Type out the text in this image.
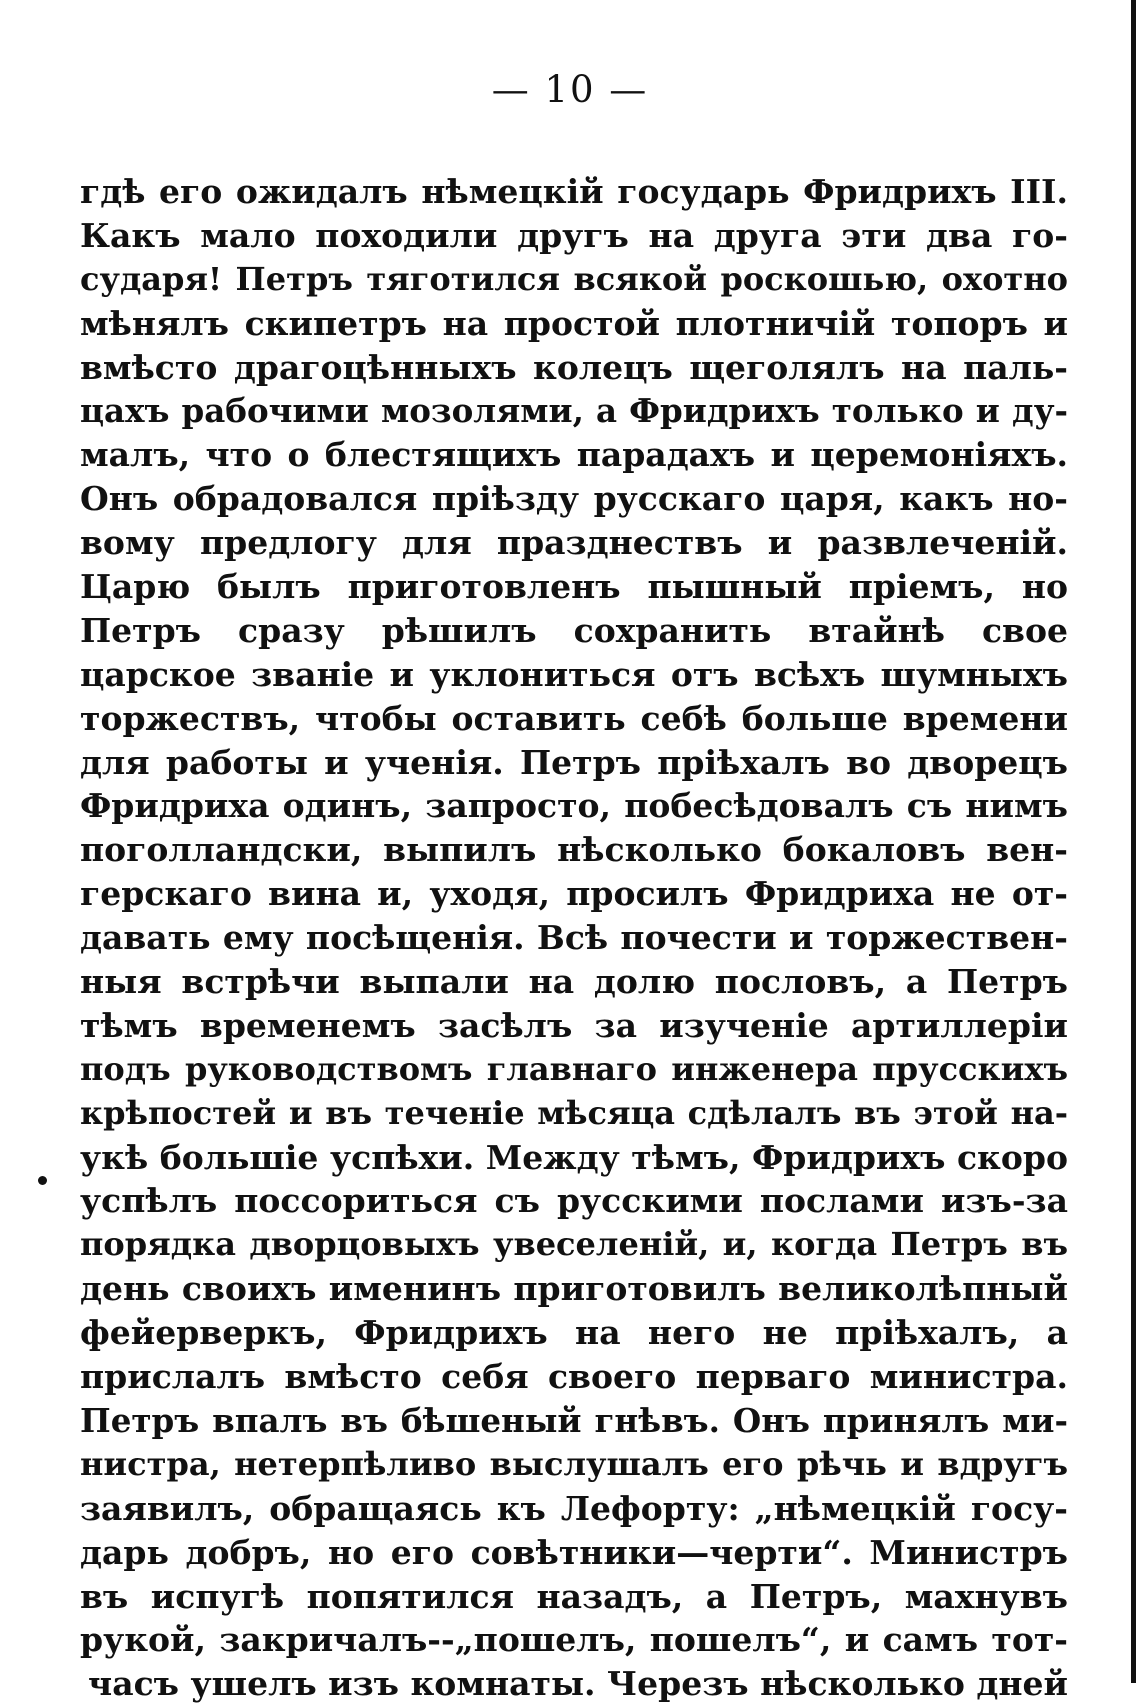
— 10 —
гдѣ его ожидалъ нѣмецкій государь Фридрихъ III.
Какъ мало походили другъ на друга эти два го-
сударя! Петръ тяготился всякой роскошью, охотно
мѣнялъ скипетръ на простой плотничій топоръ и
вмѣсто драгоцѣнныхъ колецъ щеголялъ на паль-
цахъ рабочими мозолями, а Фридрихъ только и ду-
малъ, что о блестящихъ парадахъ и церемоніяхъ.
Онъ обрадовался пріѣзду русскаго царя, какъ но-
вому предлогу для празднествъ и развлеченій.
Царю былъ приготовленъ пышный пріемъ, но
Петръ сразу рѣшилъ сохранить втайнѣ свое
царское званіе и уклониться отъ всѣхъ шумныхъ
торжествъ, чтобы оставить себѣ больше времени
для работы и ученія. Петръ пріѣхалъ во дворецъ
Фридриха одинъ, запросто, побесѣдовалъ съ нимъ
поголландски, выпилъ нѣсколько бокаловъ вен-
герскаго вина и, уходя, просилъ Фридриха не от-
давать ему посѣщенія. Всѣ почести и торжествен-
ныя встрѣчи выпали на долю пословъ, а Петръ
тѣмъ временемъ засѣлъ за изученіе артиллеріи
подъ руководствомъ главнаго инженера прусскихъ
крѣпостей и въ теченіе мѣсяца сдѣлалъ въ этой на-
укѣ большіе успѣхи. Между тѣмъ, Фридрихъ скоро
успѣлъ поссориться съ русскими послами изъ-за
порядка дворцовыхъ увеселеній, и, когда Петръ въ
день своихъ именинъ приготовилъ великолѣпный
фейерверкъ, Фридрихъ на него не пріѣхалъ, а
прислалъ вмѣсто себя своего перваго министра.
Петръ впалъ въ бѣшеный гнѣвъ. Онъ принялъ ми-
нистра, нетерпѣливо выслушалъ его рѣчь и вдругъ
заявилъ, обращаясь къ Лефорту: „нѣмецкій госу-
дарь добръ, но его совѣтники—черти“. Министръ
въ испугѣ попятился назадъ, а Петръ, махнувъ
рукой, закричалъ--„пошелъ, пошелъ“, и самъ тот-
часъ ушелъ изъ комнаты. Черезъ нѣсколько дней
